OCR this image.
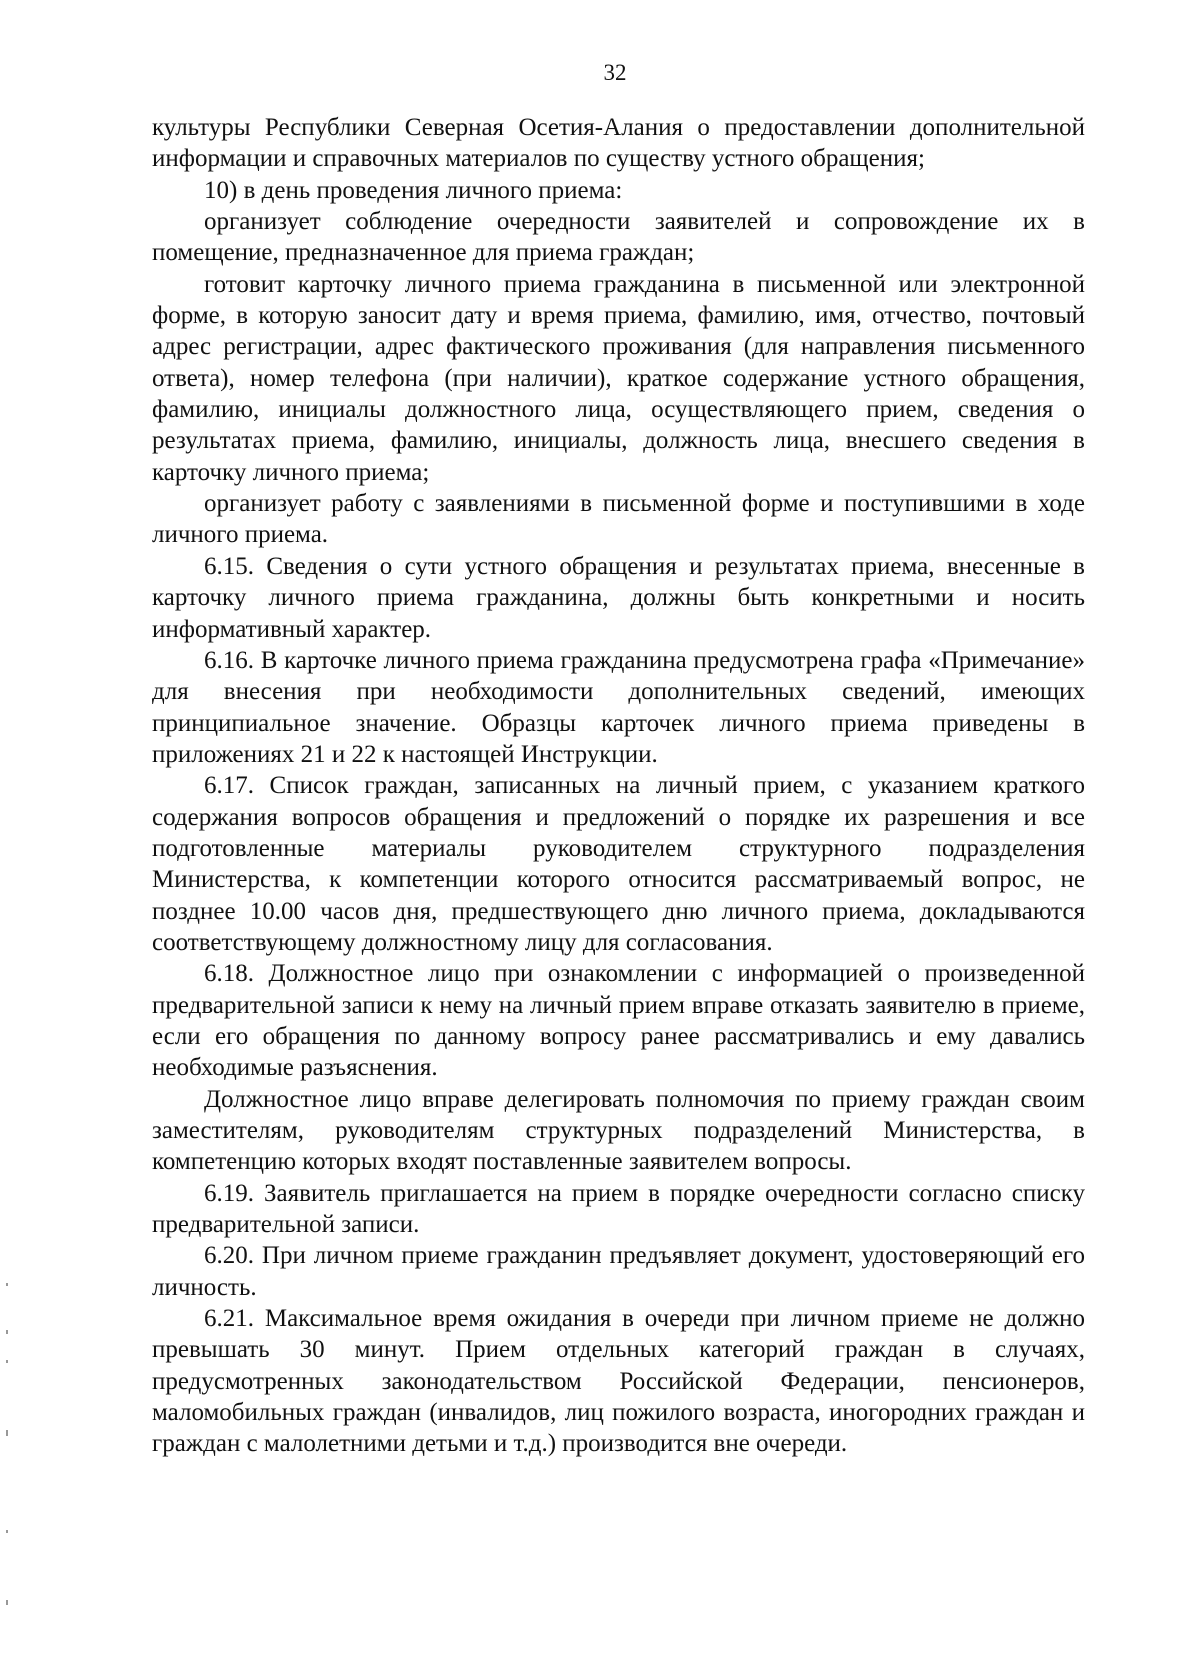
32

культуры Республики Северная Осетия-Алания о предоставлении дополнительной информации и справочных материалов по существу устного обращения;

10) в день проведения личного приема:

организует соблюдение очередности заявителей и сопровождение их в помещение, предназначенное для приема граждан;

готовит карточку личного приема гражданина в письменной или электронной форме, в которую заносит дату и время приема, фамилию, имя, отчество, почтовый адрес регистрации, адрес фактического проживания (для направления письменного ответа), номер телефона (при наличии), краткое содержание устного обращения, фамилию, инициалы должностного лица, осуществляющего прием, сведения о результатах приема, фамилию, инициалы, должность лица, внесшего сведения в карточку личного приема;

организует работу с заявлениями в письменной форме и поступившими в ходе личного приема.

6.15. Сведения о сути устного обращения и результатах приема, внесенные в карточку личного приема гражданина, должны быть конкретными и носить информативный характер.

6.16. В карточке личного приема гражданина предусмотрена графа «Примечание» для внесения при необходимости дополнительных сведений, имеющих принципиальное значение. Образцы карточек личного приема приведены в приложениях 21 и 22 к настоящей Инструкции.

6.17. Список граждан, записанных на личный прием, с указанием краткого содержания вопросов обращения и предложений о порядке их разрешения и все подготовленные материалы руководителем структурного подразделения Министерства, к компетенции которого относится рассматриваемый вопрос, не позднее 10.00 часов дня, предшествующего дню личного приема, докладываются соответствующему должностному лицу для согласования.

6.18. Должностное лицо при ознакомлении с информацией о произведенной предварительной записи к нему на личный прием вправе отказать заявителю в приеме, если его обращения по данному вопросу ранее рассматривались и ему давались необходимые разъяснения.

Должностное лицо вправе делегировать полномочия по приему граждан своим заместителям, руководителям структурных подразделений Министерства, в компетенцию которых входят поставленные заявителем вопросы.

6.19. Заявитель приглашается на прием в порядке очередности согласно списку предварительной записи.

6.20. При личном приеме гражданин предъявляет документ, удостоверяющий его личность.

6.21. Максимальное время ожидания в очереди при личном приеме не должно превышать 30 минут. Прием отдельных категорий граждан в случаях, предусмотренных законодательством Российской Федерации, пенсионеров, маломобильных граждан (инвалидов, лиц пожилого возраста, иногородних граждан и граждан с малолетними детьми и т.д.) производится вне очереди.
